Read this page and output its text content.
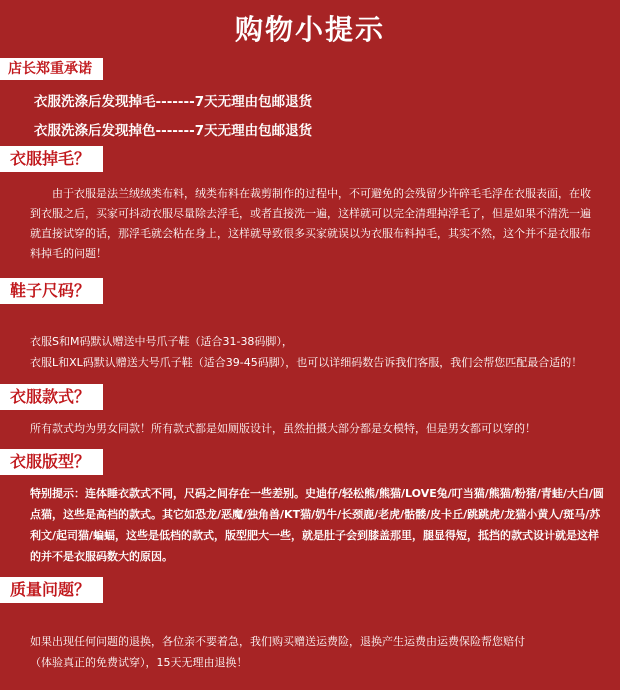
购物小提示
店长郑重承诺
衣服洗涤后发现掉毛-------7天无理由包邮退货
衣服洗涤后发现掉色-------7天无理由包邮退货
衣服掉毛？
　　由于衣服是法兰绒绒类布料，绒类布料在裁剪制作的过程中，不可避免的会残留少许碎毛毛浮在衣服表面，在收到衣服之后，买家可抖动衣服尽量除去浮毛，或者直接洗一遍，这样就可以完全清理掉浮毛了，但是如果不清洗一遍就直接试穿的话，那浮毛就会粘在身上，这样就导致很多买家就误以为衣服布料掉毛，其实不然，这个并不是衣服布料掉毛的问题！
鞋子尺码？
衣服S和M码默认赠送中号爪子鞋（适合31-38码脚），
衣服L和XL码默认赠送大号爪子鞋（适合39-45码脚），也可以详细码数告诉我们客服，我们会帮您匹配最合适的！
衣服款式？
所有款式均为男女同款！所有款式都是如厕版设计，虽然拍摄大部分都是女模特，但是男女都可以穿的！
衣服版型？
特别提示：连体睡衣款式不同，尺码之间存在一些差别。史迪仔/轻松熊/熊猫/LOVE兔/叮当猫/熊猫/粉猪/青蛙/大白/圆点猫，这些是高档的款式。其它如恐龙/恶魔/独角兽/KT猫/奶牛/长颈鹿/老虎/骷髅/皮卡丘/跳跳虎/龙猫小黄人/斑马/苏利文/起司猫/蝙蝠，这些是低档的款式，版型肥大一些，就是肚子会到膝盖那里，腿显得短，抵挡的款式设计就是这样的并不是衣服码数大的原因。
质量问题？
如果出现任何问题的退换，各位亲不要着急，我们购买赠送运费险，退换产生运费由运费保险帮您赔付
（体验真正的免费试穿），15天无理由退换！
